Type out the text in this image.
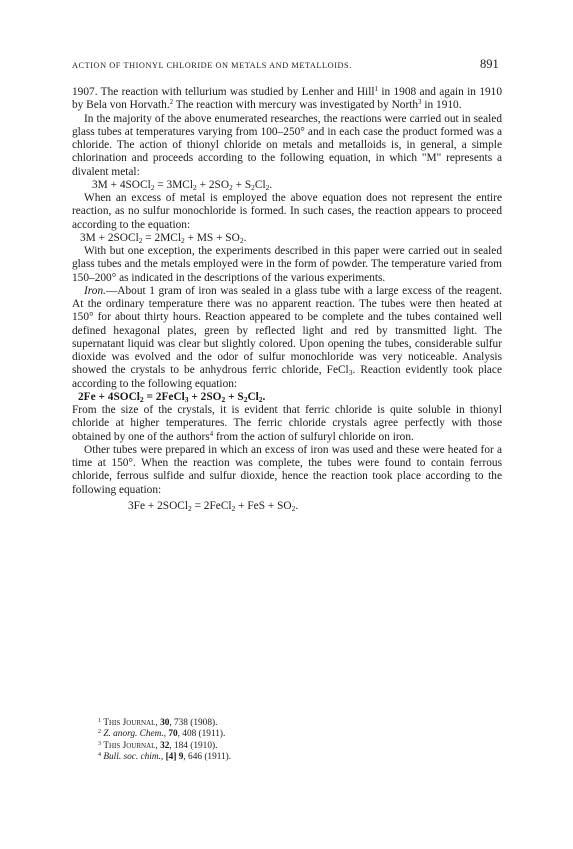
ACTION OF THIONYL CHLORIDE ON METALS AND METALLOIDS.	891

1907. The reaction with tellurium was studied by Lenher and Hill$^1$ in 1908 and again in 1910 by Bela von Horvath.$^2$ The reaction with mercury was investigated by North$^3$ in 1910.

In the majority of the above enumerated researches, the reactions were carried out in sealed glass tubes at temperatures varying from 100–250° and in each case the product formed was a chloride. The action of thionyl chloride on metals and metalloids is, in general, a simple chlorination and proceeds according to the following equation, in which "M" represents a divalent metal:

3M + 4SOCl$_2$ = $3MCl_2 + 2SO_2 + S_2Cl_2$.

When an excess of metal is employed the above equation does not represent the entire reaction, as no sulfur monochloride is formed. In such cases, the reaction appears to proceed according to the equation:

3M + 2SOCl$_2$ = 2MCl$_2$ + MS + $SO_2$.

With but one exception, the experiments described in this paper were carried out in sealed glass tubes and the metals employed were in the form of powder. The temperature varied from 150–200° as indicated in the descriptions of the various experiments.

Iron.—About 1 gram of iron was sealed in a glass tube with a large excess of the reagent. At the ordinary temperature there was no apparent reaction. The tubes were then heated at 150° for about thirty hours. Reaction appeared to be complete and the tubes contained well defined hexagonal plates, green by reflected light and red by transmitted light. The supernatant liquid was clear but slightly colored. Upon opening the tubes, considerable sulfur dioxide was evolved and the odor of sulfur monochloride was very noticeable. Analysis showed the crystals to be anhydrous ferric chloride, FeCl$_3$. Reaction evidently took place according to the following equation:

2Fe + 4SOCl$_2$ = 2FeCl$_3$ + $2SO_2 + S_2Cl_2$.

From the size of the crystals, it is evident that ferric chloride is quite soluble in thionyl chloride at higher temperatures. The ferric chloride crystals agree perfectly with those obtained by one of the authors$^4$ from the action of sulfuryl chloride on iron.

Other tubes were prepared in which an excess of iron was used and these were heated for a time at 150°. When the reaction was complete, the tubes were found to contain ferrous chloride, ferrous sulfide and sulfur dioxide, hence the reaction took place according to the following equation:

3Fe + 2SOCl$_2$ = 2FeCl$_2$ + FeS + $SO_2$.

$^1$ This Journal, 30, 738 (1908).
$^2$ Z. anorg. Chem., 70, 408 (1911).
$^3$ This Journal, 32, 184 (1910).
$^4$ Bull. soc. chim., [4] 9, 646 (1911).
